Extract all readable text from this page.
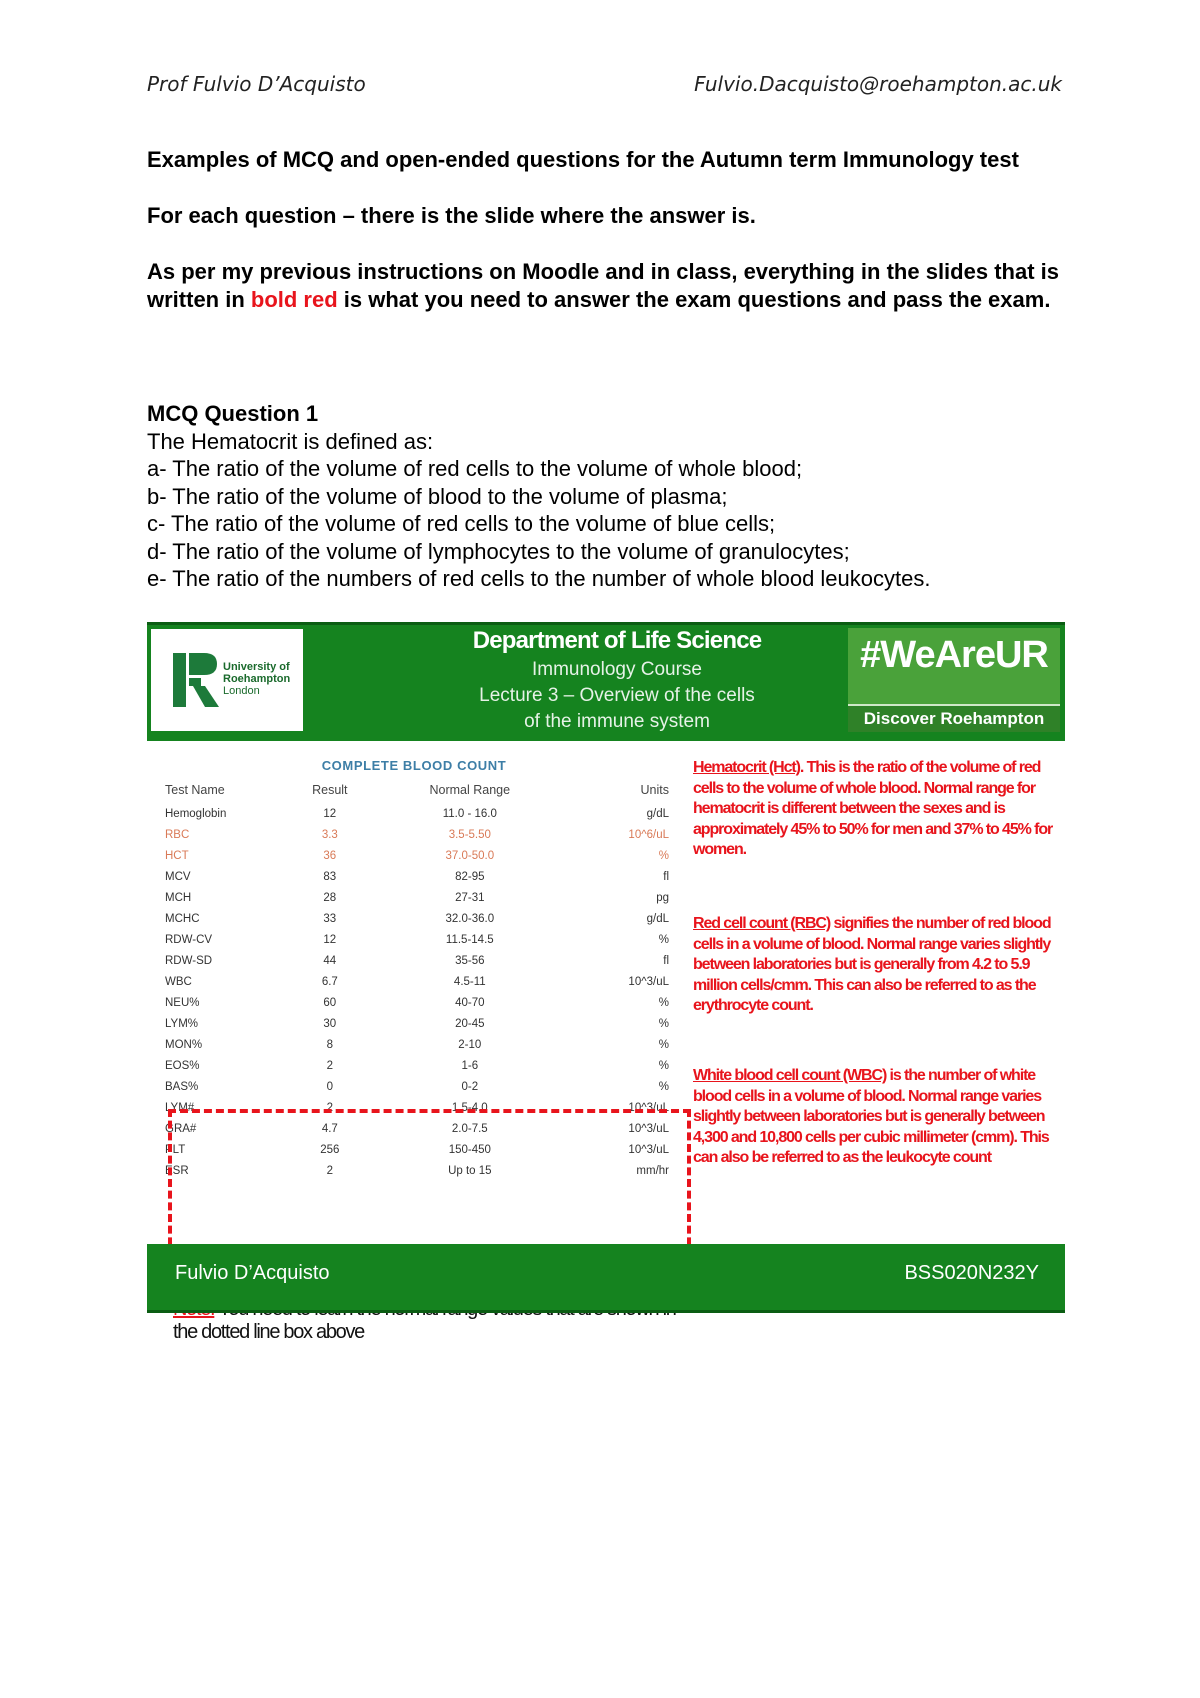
Prof Fulvio D’Acquisto	Fulvio.Dacquisto@roehampton.ac.uk

Examples of MCQ and open-ended questions for the Autumn term Immunology test

For each question – there is the slide where the answer is.

As per my previous instructions on Moodle and in class, everything in the slides that is written in bold red is what you need to answer the exam questions and pass the exam.

MCQ Question 1
The Hematocrit is defined as:
a- The ratio of the volume of red cells to the volume of whole blood;
b- The ratio of the volume of blood to the volume of plasma;
c- The ratio of the volume of red cells to the volume of blue cells;
d- The ratio of the volume of lymphocytes to the volume of granulocytes;
e- The ratio of the numbers of red cells to the number of whole blood leukocytes.
University of
Roehampton
London
Department of Life Science
Immunology Course
Lecture 3 – Overview of the cells
of the immune system
#WeAreUR
Discover Roehampton
COMPLETE BLOOD COUNT
Test Name	Result	Normal Range	Units
Hemoglobin	12	11.0 - 16.0	g/dL
RBC	3.3	3.5-5.50	10^6/uL
HCT	36	37.0-50.0	%
MCV	83	82-95	fl
MCH	28	27-31	pg
MCHC	33	32.0-36.0	g/dL
RDW-CV	12	11.5-14.5	%
RDW-SD	44	35-56	fl
WBC	6.7	4.5-11	10^3/uL
NEU%	60	40-70	%
LYM%	30	20-45	%
MON%	8	2-10	%
EOS%	2	1-6	%
BAS%	0	0-2	%
LYM#	2	1.5-4.0	10^3/uL
GRA#	4.7	2.0-7.5	10^3/uL
PLT	256	150-450	10^3/uL
ESR	2	Up to 15	mm/hr
the dotted line box above
Hematocrit (Hct). This is the ratio of the volume of red cells to the volume of whole blood. Normal range for hematocrit is different between the sexes and is approximately 45% to 50% for men and 37% to 45% for women.
Red cell count (RBC) signifies the number of red blood cells in a volume of blood. Normal range varies slightly between laboratories but is generally from 4.2 to 5.9 million cells/cmm. This can also be referred to as the erythrocyte count.
White blood cell count (WBC) is the number of white blood cells in a volume of blood. Normal range varies slightly between laboratories but is generally between 4,300 and 10,800 cells per cubic millimeter (cmm). This can also be referred to as the leukocyte count
Fulvio D’Acquisto	BSS020N232Y
